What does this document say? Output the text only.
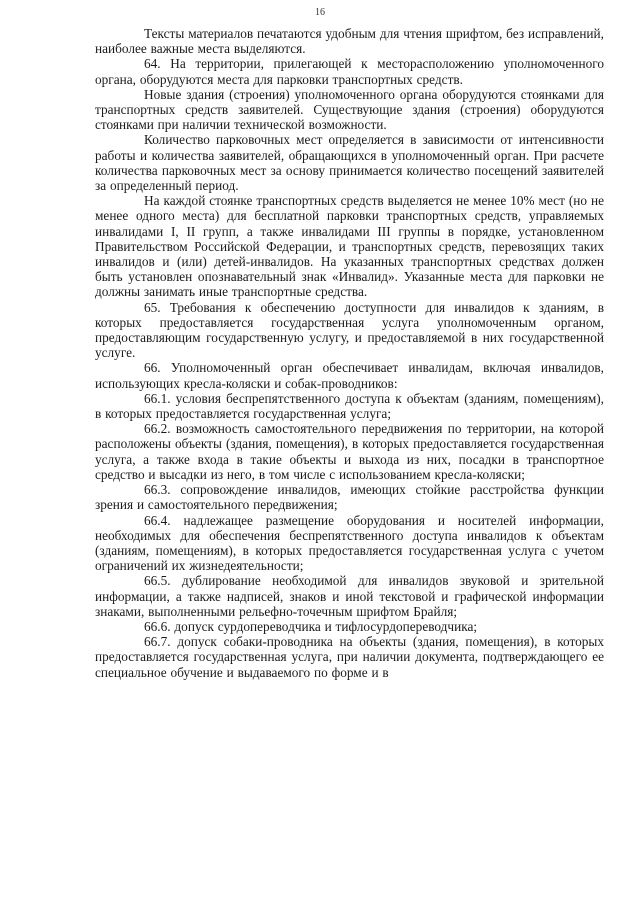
16

Тексты материалов печатаются удобным для чтения шрифтом, без исправлений, наиболее важные места выделяются.

64. На территории, прилегающей к месторасположению уполномоченного органа, оборудуются места для парковки транспортных средств.

Новые здания (строения) уполномоченного органа оборудуются стоянками для транспортных средств заявителей. Существующие здания (строения) оборудуются стоянками при наличии технической возможности.

Количество парковочных мест определяется в зависимости от интенсивности работы и количества заявителей, обращающихся в уполномоченный орган. При расчете количества парковочных мест за основу принимается количество посещений заявителей за определенный период.

На каждой стоянке транспортных средств выделяется не менее 10% мест (но не менее одного места) для бесплатной парковки транспортных средств, управляемых инвалидами I, II групп, а также инвалидами III группы в порядке, установленном Правительством Российской Федерации, и транспортных средств, перевозящих таких инвалидов и (или) детей-инвалидов. На указанных транспортных средствах должен быть установлен опознавательный знак «Инвалид». Указанные места для парковки не должны занимать иные транспортные средства.

65. Требования к обеспечению доступности для инвалидов к зданиям, в которых предоставляется государственная услуга уполномоченным органом, предоставляющим государственную услугу, и предоставляемой в них государственной услуге.

66. Уполномоченный орган обеспечивает инвалидам, включая инвалидов, использующих кресла-коляски и собак-проводников:

66.1. условия беспрепятственного доступа к объектам (зданиям, помещениям), в которых предоставляется государственная услуга;

66.2. возможность самостоятельного передвижения по территории, на которой расположены объекты (здания, помещения), в которых предоставляется государственная услуга, а также входа в такие объекты и выхода из них, посадки в транспортное средство и высадки из него, в том числе с использованием кресла-коляски;

66.3. сопровождение инвалидов, имеющих стойкие расстройства функции зрения и самостоятельного передвижения;

66.4. надлежащее размещение оборудования и носителей информации, необходимых для обеспечения беспрепятственного доступа инвалидов к объектам (зданиям, помещениям), в которых предоставляется государственная услуга с учетом ограничений их жизнедеятельности;

66.5. дублирование необходимой для инвалидов звуковой и зрительной информации, а также надписей, знаков и иной текстовой и графической информации знаками, выполненными рельефно-точечным шрифтом Брайля;

66.6. допуск сурдопереводчика и тифлосурдопереводчика;

66.7. допуск собаки-проводника на объекты (здания, помещения), в которых предоставляется государственная услуга, при наличии документа, подтверждающего ее специальное обучение и выдаваемого по форме и в
